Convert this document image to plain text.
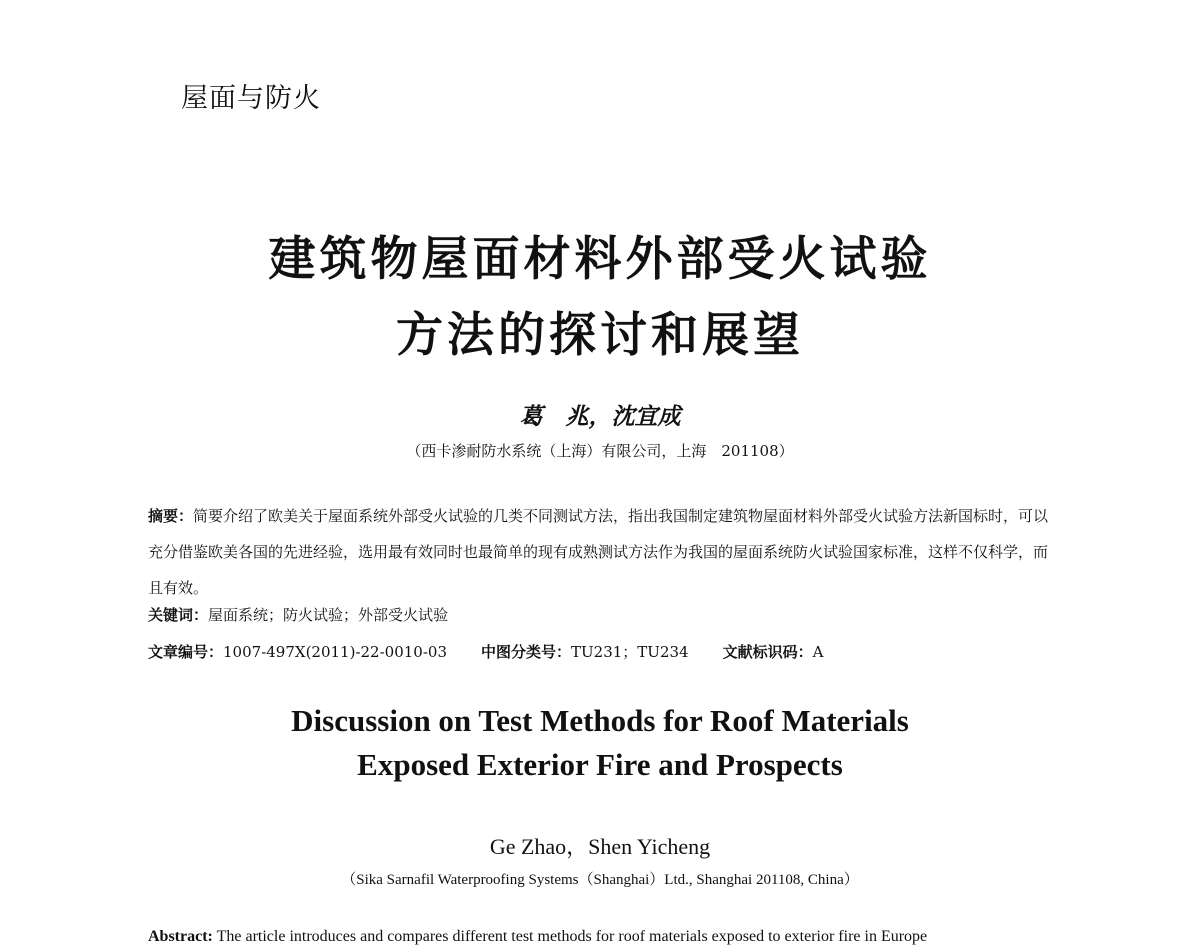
屋面与防火
建筑物屋面材料外部受火试验
方法的探讨和展望
葛　兆，沈宜成
（西卡渗耐防水系统（上海）有限公司，上海　201108）
摘要：简要介绍了欧美关于屋面系统外部受火试验的几类不同测试方法，指出我国制定建筑物屋面材料外部受火试验方法新国标时，可以充分借鉴欧美各国的先进经验，选用最有效同时也最简单的现有成熟测试方法作为我国的屋面系统防火试验国家标准，这样不仅科学，而且有效。
关键词：屋面系统；防火试验；外部受火试验
文章编号：1007-497X(2011)-22-0010-03 中图分类号：TU231；TU234 文献标识码：A
Discussion on Test Methods for Roof Materials
Exposed Exterior Fire and Prospects
Ge Zhao，Shen Yicheng
（Sika Sarnafil Waterproofing Systems（Shanghai）Ltd., Shanghai 201108, China）
Abstract: The article introduces and compares different test methods for roof materials exposed to exterior fire in Europe
